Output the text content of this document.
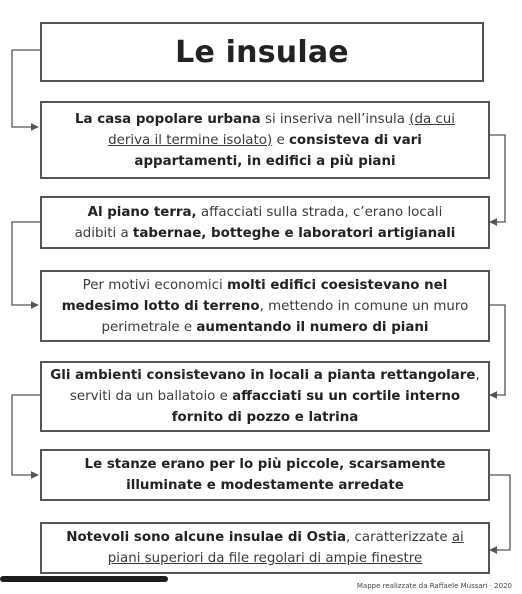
Le insulae
La casa popolare urbana si inseriva nell’insula (da cui
deriva il termine isolato) e consisteva di vari
appartamenti, in edifici a più piani
Al piano terra, affacciati sulla strada, c’erano locali
adibiti a tabernae, botteghe e laboratori artigianali
Per motivi economici molti edifici coesistevano nel
medesimo lotto di terreno, mettendo in comune un muro
perimetrale e aumentando il numero di piani
Gli ambienti consistevano in locali a pianta rettangolare,
serviti da un ballatoio e affacciati su un cortile interno
fornito di pozzo e latrina
Le stanze erano per lo più piccole, scarsamente
illuminate e modestamente arredate
Notevoli sono alcune insulae di Ostia, caratterizzate ai
piani superiori da file regolari di ampie finestre
Mappe realizzate da Raffaele Mussari · 2020
